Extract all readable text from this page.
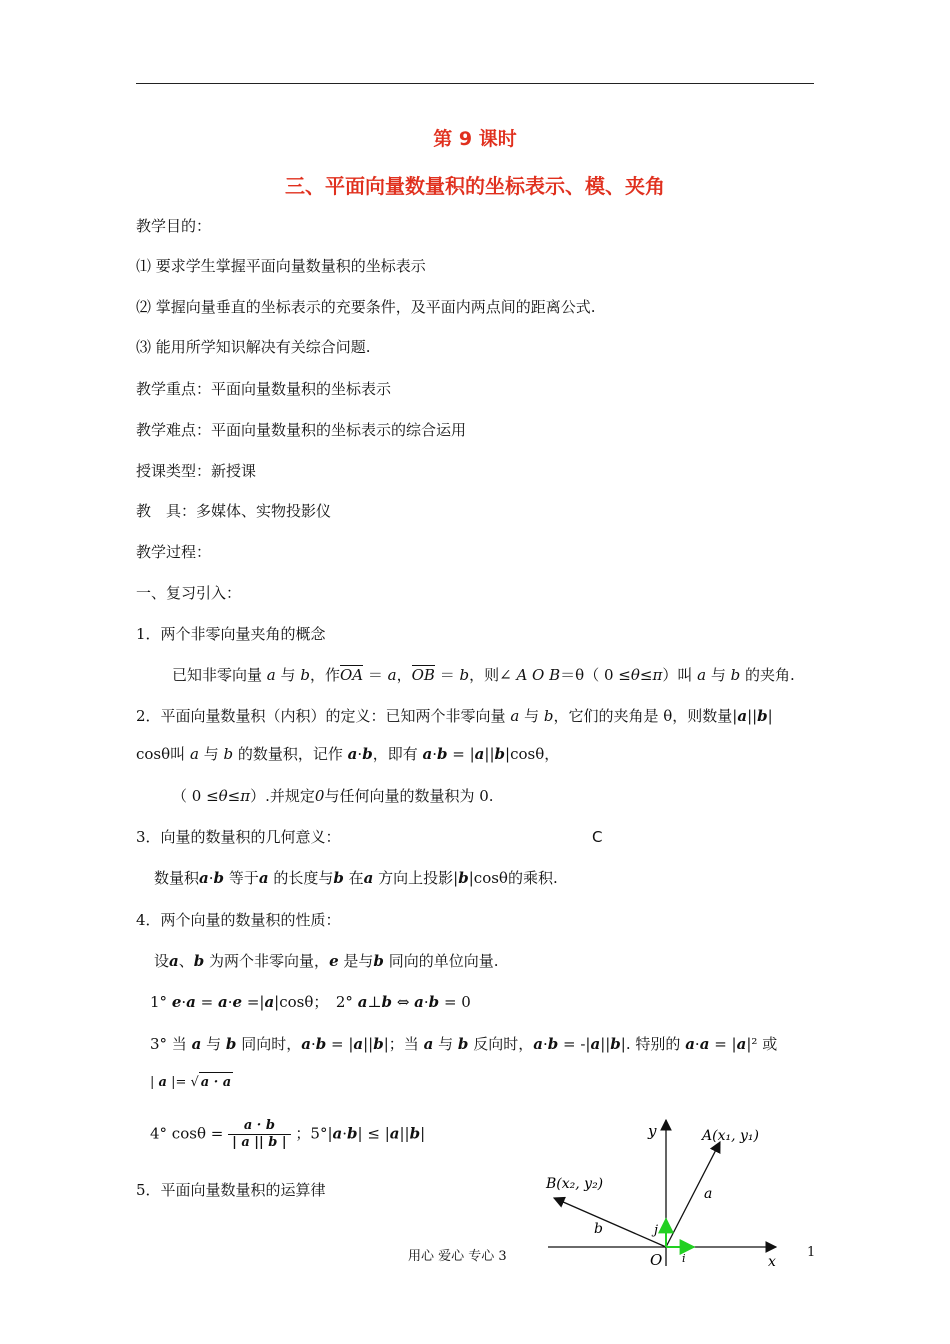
第 9 课时
三、平面向量数量积的坐标表示、模、夹角
教学目的：
⑴ 要求学生掌握平面向量数量积的坐标表示
⑵ 掌握向量垂直的坐标表示的充要条件，及平面内两点间的距离公式.
⑶ 能用所学知识解决有关综合问题.
教学重点：平面向量数量积的坐标表示
教学难点：平面向量数量积的坐标表示的综合运用
授课类型：新授课
教　具：多媒体、实物投影仪
教学过程：
一、复习引入：
1．两个非零向量夹角的概念
已知非零向量 a 与 b，作OA ＝ a，OB ＝ b，则∠ A O B＝θ（ 0 ≤θ≤π）叫 a 与 b 的夹角.
2．平面向量数量积（内积）的定义：已知两个非零向量 a 与 b，它们的夹角是 θ，则数量|a||b|
cosθ叫 a 与 b 的数量积，记作 a·b，即有 a·b = |a||b|cosθ，
（ 0 ≤θ≤π）.并规定0与任何向量的数量积为 0.
3．向量的数量积的几何意义：	C
数量积a·b 等于a 的长度与b 在a 方向上投影|b|cosθ的乘积.
4．两个向量的数量积的性质：
设a、b 为两个非零向量，e 是与b 同向的单位向量.
1° e·a = a·e =|a|cosθ；　2° a⊥b ⇔ a·b = 0
3° 当 a 与 b 同向时，a·b = |a||b|；当 a 与 b 反向时，a·b = -|a||b|. 特别的 a·a = |a|² 或
| a |= √ a · a
4° $\cos\theta = \frac{a \cdot b}{| a || b |}$ ；5°|a·b| ≤ |a||b|
5．平面向量数量积的运算律
y
x
O
A(x₁, y₁)
B(x₂, y₂)
a
b
i
j
用心 爱心 专心 3	1
